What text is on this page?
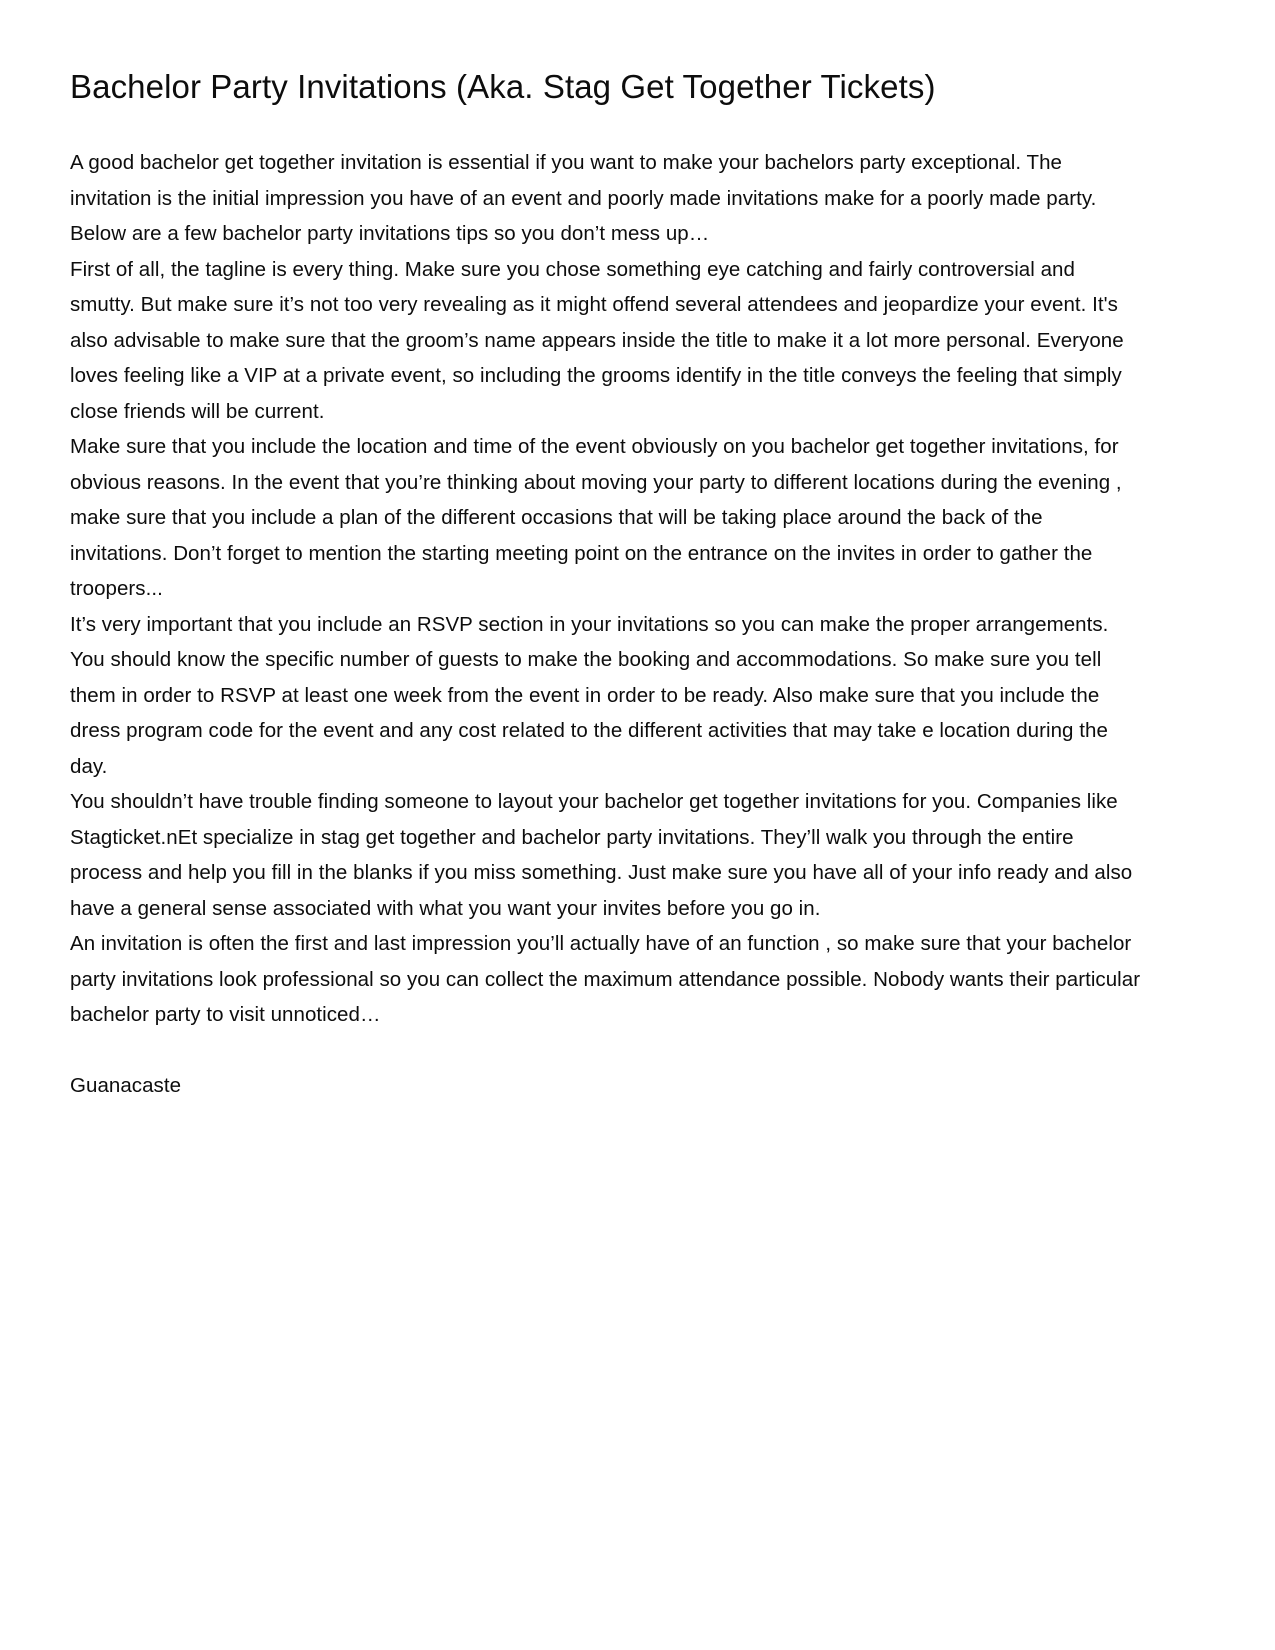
Bachelor Party Invitations (Aka. Stag Get Together Tickets)

A good bachelor get together invitation is essential if you want to make your bachelors party exceptional. The invitation is the initial impression you have of an event and poorly made invitations make for a poorly made party. Below are a few bachelor party invitations tips so you don’t mess up…

First of all, the tagline is every thing. Make sure you chose something eye catching and fairly controversial and smutty. But make sure it’s not too very revealing as it might offend several attendees and jeopardize your event. It's also advisable to make sure that the groom’s name appears inside the title to make it a lot more personal. Everyone loves feeling like a VIP at a private event, so including the grooms identify in the title conveys the feeling that simply close friends will be current.

Make sure that you include the location and time of the event obviously on you bachelor get together invitations, for obvious reasons. In the event that you’re thinking about moving your party to different locations during the evening , make sure that you include a plan of the different occasions that will be taking place around the back of the invitations. Don’t forget to mention the starting meeting point on the entrance on the invites in order to gather the troopers...

It’s very important that you include an RSVP section in your invitations so you can make the proper arrangements. You should know the specific number of guests to make the booking and accommodations. So make sure you tell them in order to RSVP at least one week from the event in order to be ready. Also make sure that you include the dress program code for the event and any cost related to the different activities that may take e location during the day.

You shouldn’t have trouble finding someone to layout your bachelor get together invitations for you. Companies like Stagticket.nEt specialize in stag get together and bachelor party invitations. They’ll walk you through the entire process and help you fill in the blanks if you miss something. Just make sure you have all of your info ready and also have a general sense associated with what you want your invites before you go in.

An invitation is often the first and last impression you’ll actually have of an function , so make sure that your bachelor party invitations look professional so you can collect the maximum attendance possible. Nobody wants their particular bachelor party to visit unnoticed…

Guanacaste
